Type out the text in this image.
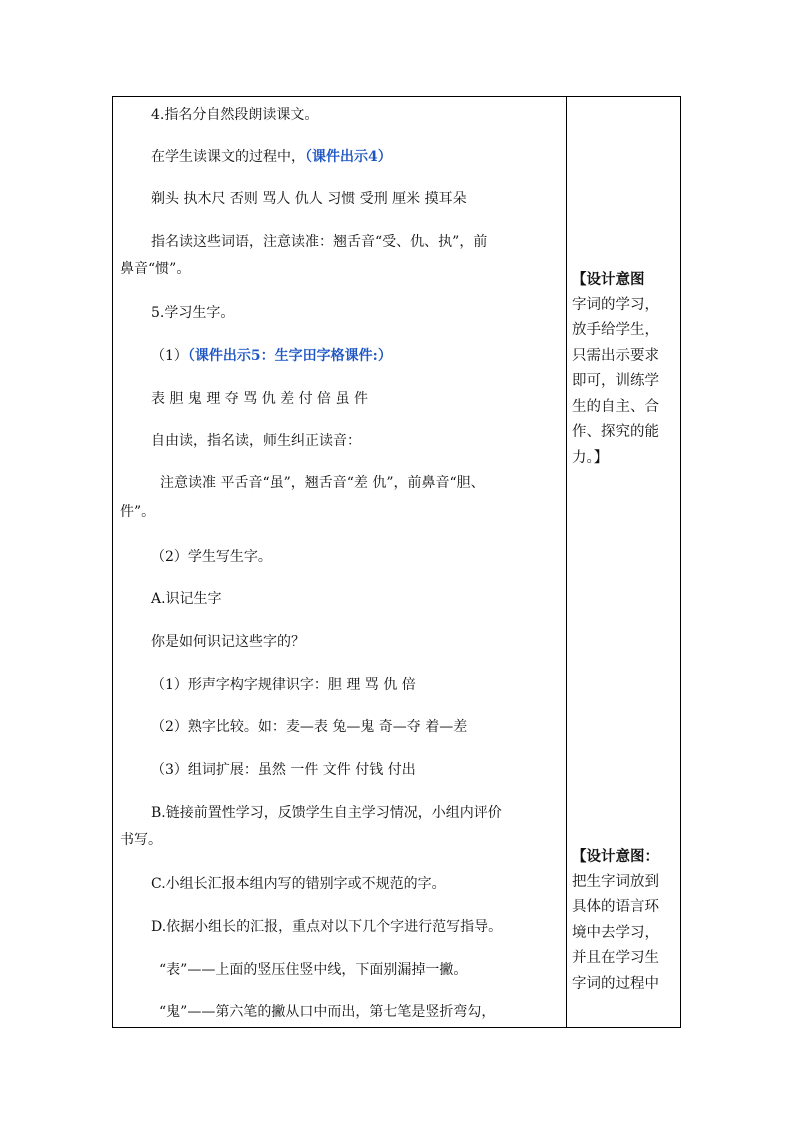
4.指名分自然段朗读课文。
在学生读课文的过程中，（课件出示4）
剃头 执木尺 否则 骂人 仇人 习惯 受刑 厘米 摸耳朵
指名读这些词语，注意读准：翘舌音“受、仇、执”，前
鼻音“惯”。
5.学习生字。
（1）（课件出示5：生字田字格课件:）
表 胆 鬼 理 夺 骂 仇 差 付 倍 虽 件
自由读，指名读，师生纠正读音：
注意读准 平舌音“虽”，翘舌音“差 仇”，前鼻音“胆、
件”。
（2）学生写生字。
A.识记生字
你是如何识记这些字的？
（1）形声字构字规律识字：胆 理 骂 仇 倍
（2）熟字比较。如：麦—表 兔—鬼 奇—夺 着—差
（3）组词扩展：虽然 一件 文件 付钱 付出
B.链接前置性学习，反馈学生自主学习情况，小组内评价
书写。
C.小组长汇报本组内写的错别字或不规范的字。
D.依据小组长的汇报，重点对以下几个字进行范写指导。
“表”——上面的竖压住竖中线，下面别漏掉一撇。
“鬼”——第六笔的撇从口中而出，第七笔是竖折弯勾，
【设计意图
字词的学习，
放手给学生，
只需出示要求
即可，训练学
生的自主、合
作、探究的能
力。】
【设计意图：
把生字词放到
具体的语言环
境中去学习，
并且在学习生
字词的过程中
